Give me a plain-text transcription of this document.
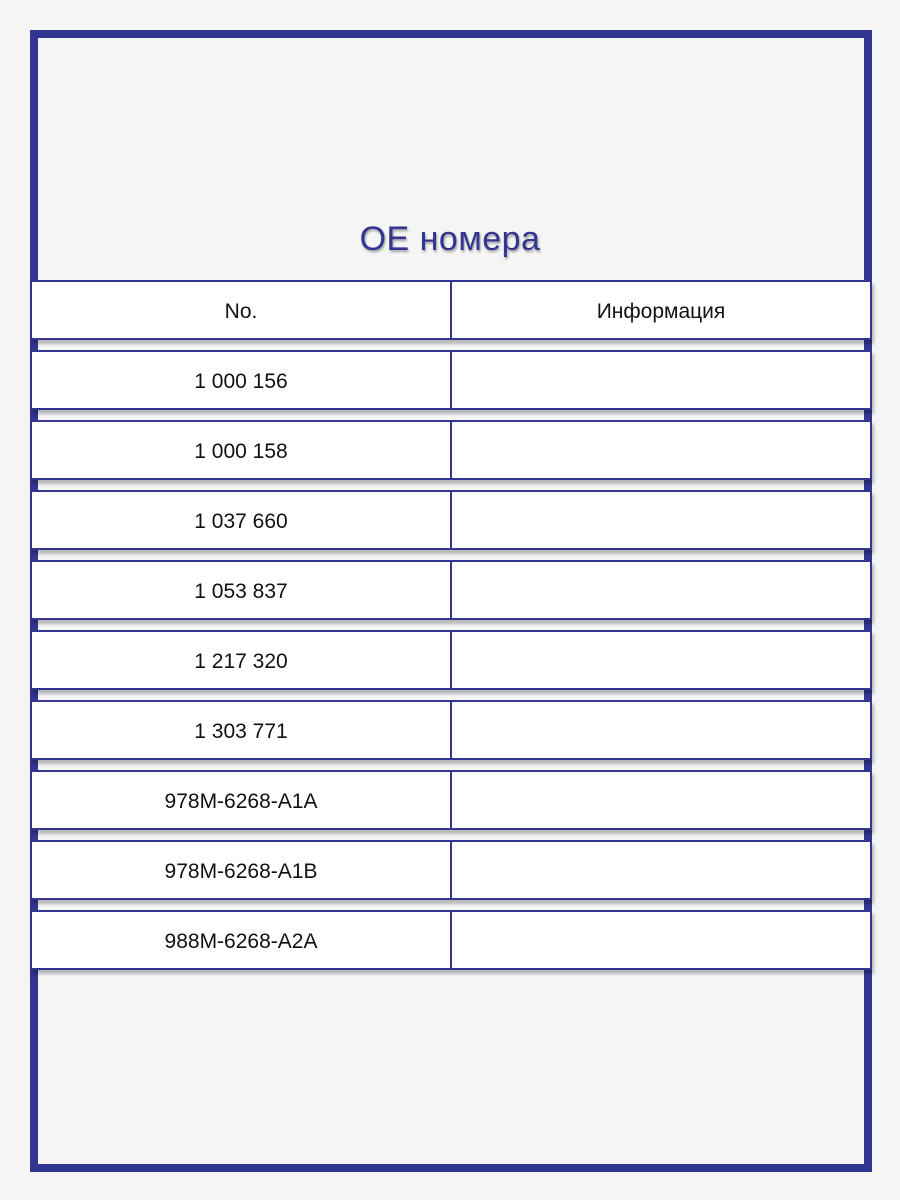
OE номера
No.	Информация
1 000 156
1 000 158
1 037 660
1 053 837
1 217 320
1 303 771
978M-6268-A1A
978M-6268-A1B
988M-6268-A2A
